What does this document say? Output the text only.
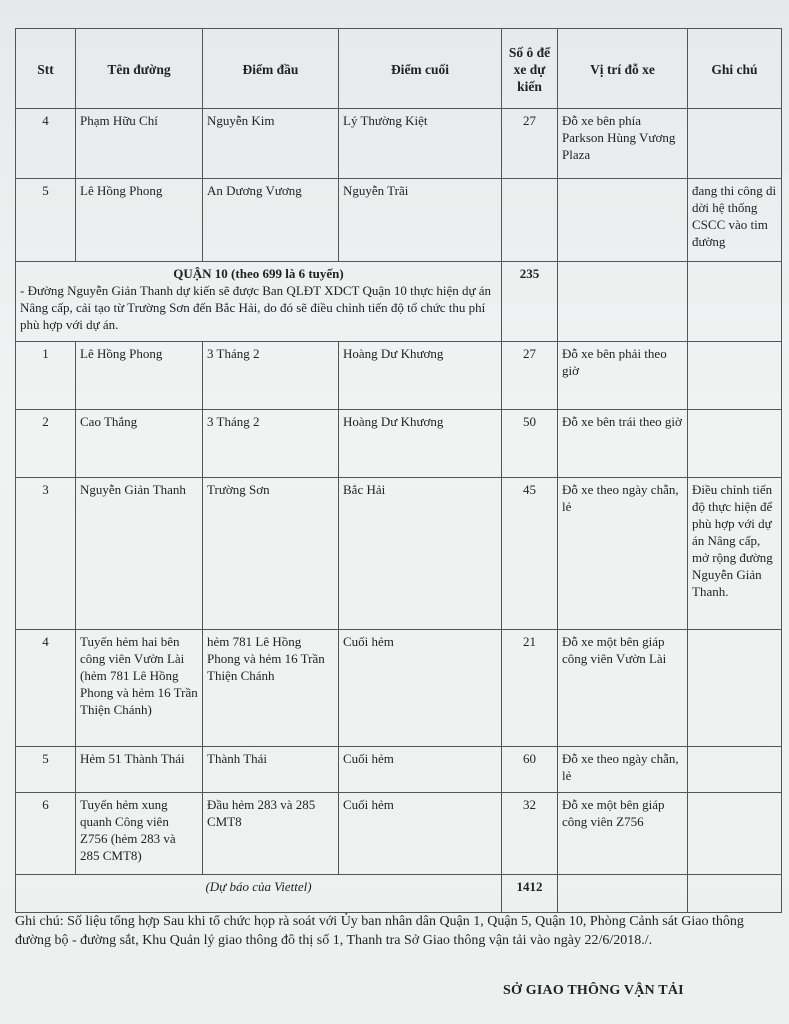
Stt	Tên đường	Điểm đầu	Điểm cuối	Số ô để xe dự kiến	Vị trí đỗ xe	Ghi chú
4	Phạm Hữu Chí	Nguyễn Kim	Lý Thường Kiệt	27	Đỗ xe bên phía Parkson Hùng Vương Plaza	
5	Lê Hồng Phong	An Dương Vương	Nguyễn Trãi			đang thi công di dời hệ thống CSCC vào tim đường
QUẬN 10 (theo 699 là 6 tuyến)
- Đường Nguyễn Giản Thanh dự kiến sẽ được Ban QLĐT XDCT Quận 10 thực hiện dự án Nâng cấp, cải tạo từ Trường Sơn đến Bắc Hải, do đó sẽ điều chỉnh tiến độ tổ chức thu phí phù hợp với dự án.				235		
1	Lê Hồng Phong	3 Tháng 2	Hoàng Dư Khương	27	Đỗ xe bên phải theo giờ	
2	Cao Thắng	3 Tháng 2	Hoàng Dư Khương	50	Đỗ xe bên trái theo giờ	
3	Nguyễn Giản Thanh	Trường Sơn	Bắc Hải	45	Đỗ xe theo ngày chẵn, lẻ	Điều chỉnh tiến độ thực hiện để phù hợp với dự án Nâng cấp, mở rộng đường Nguyễn Giản Thanh.
4	Tuyến hẻm hai bên công viên Vườn Lài (hẻm 781 Lê Hồng Phong và hẻm 16 Trần Thiện Chánh)	hẻm 781 Lê Hồng Phong và hẻm 16 Trần Thiện Chánh	Cuối hẻm	21	Đỗ xe một bên giáp công viên Vườn Lài	
5	Hẻm 51 Thành Thái	Thành Thái	Cuối hẻm	60	Đỗ xe theo ngày chẵn, lẻ	
6	Tuyến hẻm xung quanh Công viên Z756 (hẻm 283 và 285 CMT8)	Đầu hẻm 283 và 285 CMT8	Cuối hẻm	32	Đỗ xe một bên giáp công viên Z756	
(Dự báo của Viettel)				1412		
Ghi chú: Số liệu tổng hợp Sau khi tổ chức họp rà soát với Ủy ban nhân dân Quận 1, Quận 5, Quận 10, Phòng Cảnh sát Giao thông đường bộ - đường sắt, Khu Quản lý giao thông đô thị số 1, Thanh tra Sở Giao thông vận tải vào ngày 22/6/2018./.
SỞ GIAO THÔNG VẬN TẢI
